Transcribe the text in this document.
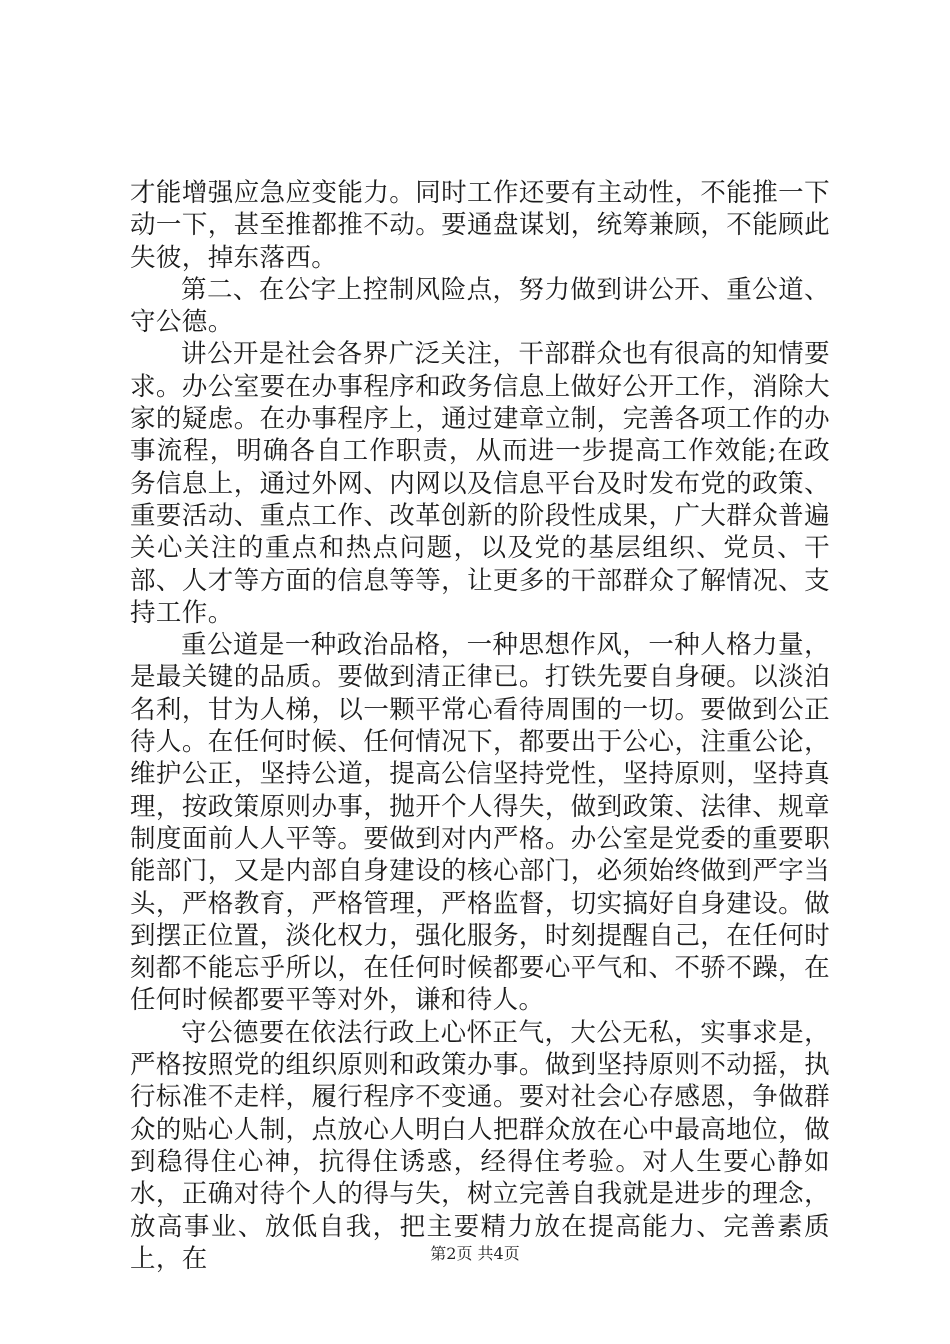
才能增强应急应变能力。同时工作还要有主动性，不能推一下动一下，甚至推都推不动。要通盘谋划，统筹兼顾，不能顾此失彼，掉东落西。

第二、在公字上控制风险点，努力做到讲公开、重公道、守公德。

讲公开是社会各界广泛关注，干部群众也有很高的知情要求。办公室要在办事程序和政务信息上做好公开工作，消除大家的疑虑。在办事程序上，通过建章立制，完善各项工作的办事流程，明确各自工作职责，从而进一步提高工作效能;在政务信息上，通过外网、内网以及信息平台及时发布党的政策、重要活动、重点工作、改革创新的阶段性成果，广大群众普遍关心关注的重点和热点问题，以及党的基层组织、党员、干部、人才等方面的信息等等，让更多的干部群众了解情况、支持工作。

重公道是一种政治品格，一种思想作风，一种人格力量，是最关键的品质。要做到清正律已。打铁先要自身硬。以淡泊名利，甘为人梯，以一颗平常心看待周围的一切。要做到公正待人。在任何时候、任何情况下，都要出于公心，注重公论，维护公正，坚持公道，提高公信坚持党性，坚持原则，坚持真理，按政策原则办事，抛开个人得失，做到政策、法律、规章制度面前人人平等。要做到对内严格。办公室是党委的重要职能部门，又是内部自身建设的核心部门，必须始终做到严字当头，严格教育，严格管理，严格监督，切实搞好自身建设。做到摆正位置，淡化权力，强化服务，时刻提醒自己，在任何时刻都不能忘乎所以，在任何时候都要心平气和、不骄不躁，在任何时候都要平等对外，谦和待人。

守公德要在依法行政上心怀正气，大公无私，实事求是，严格按照党的组织原则和政策办事。做到坚持原则不动摇，执行标准不走样，履行程序不变通。要对社会心存感恩，争做群众的贴心人制，点放心人明白人把群众放在心中最高地位，做到稳得住心神，抗得住诱惑，经得住考验。对人生要心静如水，正确对待个人的得与失，树立完善自我就是进步的理念，放高事业、放低自我，把主要精力放在提高能力、完善素质上，在	第2页 共4页
